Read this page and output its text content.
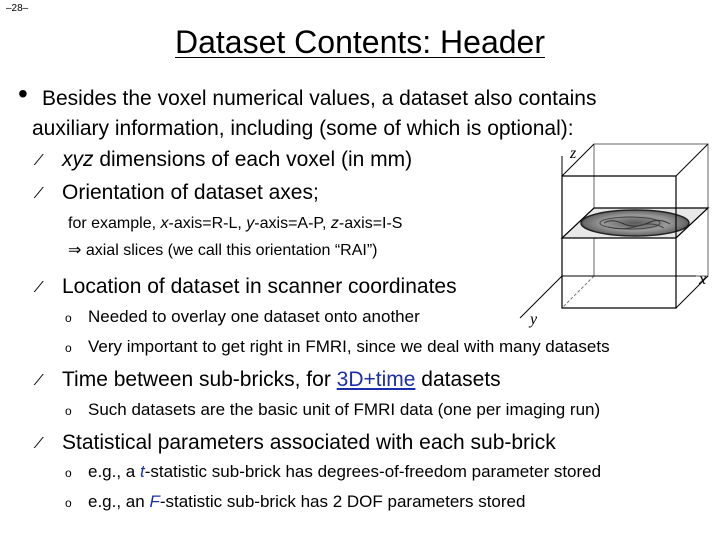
–28–
Dataset Contents: Header
• Besides the voxel numerical values, a dataset also contains
auxiliary information, including (some of which is optional):
∕ xyz dimensions of each voxel (in mm)
∕ Orientation of dataset axes;
for example, x-axis=R-L, y-axis=A-P, z-axis=I-S
⇒ axial slices (we call this orientation “RAI”)
∕ Location of dataset in scanner coordinates
o Needed to overlay one dataset onto another
o Very important to get right in FMRI, since we deal with many datasets
∕ Time between sub-bricks, for 3D+time datasets
o Such datasets are the basic unit of FMRI data (one per imaging run)
∕ Statistical parameters associated with each sub-brick
o e.g., a t-statistic sub-brick has degrees-of-freedom parameter stored
o e.g., an F-statistic sub-brick has 2 DOF parameters stored
z
x
y
